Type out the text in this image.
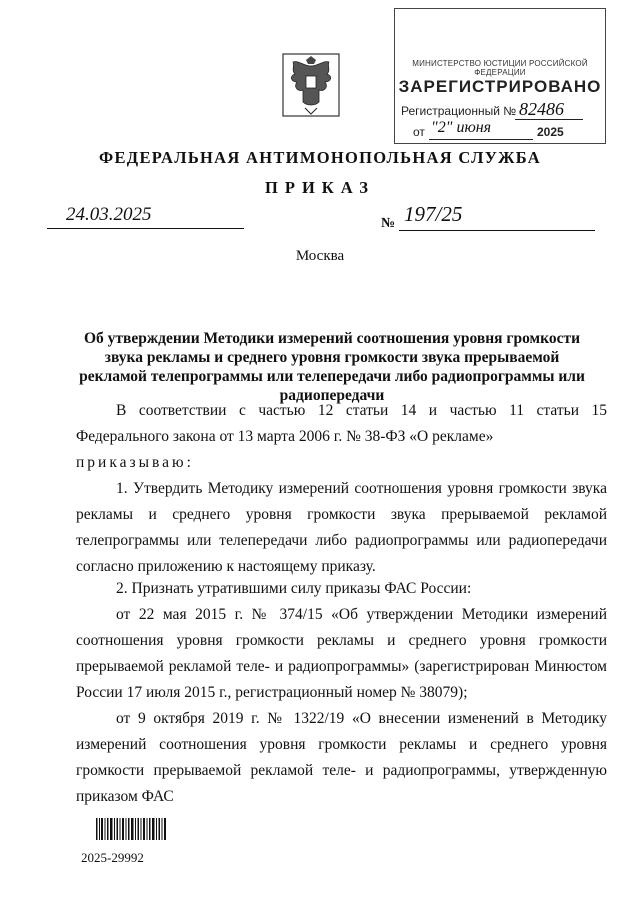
МИНИСТЕРСТВО ЮСТИЦИИ РОССИЙСКОЙ ФЕДЕРАЦИИ
ЗАРЕГИСТРИРОВАНО
Регистрационный № 82486
от "2" июня	2025
ФЕДЕРАЛЬНАЯ АНТИМОНОПОЛЬНАЯ СЛУЖБА
ПРИКАЗ
24.03.2025	№ 197/25
Москва
Об утверждении Методики измерений соотношения уровня громкости звука рекламы и среднего уровня громкости звука прерываемой рекламой телепрограммы или телепередачи либо радиопрограммы или радиопередачи
В соответствии с частью 12 статьи 14 и частью 11 статьи 15 Федерального закона от 13 марта 2006 г. № 38-ФЗ «О рекламе»
приказываю:
1. Утвердить Методику измерений соотношения уровня громкости звука рекламы и среднего уровня громкости звука прерываемой рекламой телепрограммы или телепередачи либо радиопрограммы или радиопередачи согласно приложению к настоящему приказу.
2. Признать утратившими силу приказы ФАС России:
от 22 мая 2015 г. № 374/15 «Об утверждении Методики измерений соотношения уровня громкости рекламы и среднего уровня громкости прерываемой рекламой теле- и радиопрограммы» (зарегистрирован Минюстом России 17 июля 2015 г., регистрационный номер № 38079);
от 9 октября 2019 г. № 1322/19 «О внесении изменений в Методику измерений соотношения уровня громкости рекламы и среднего уровня громкости прерываемой рекламой теле- и радиопрограммы, утвержденную приказом ФАС
2025-29992
